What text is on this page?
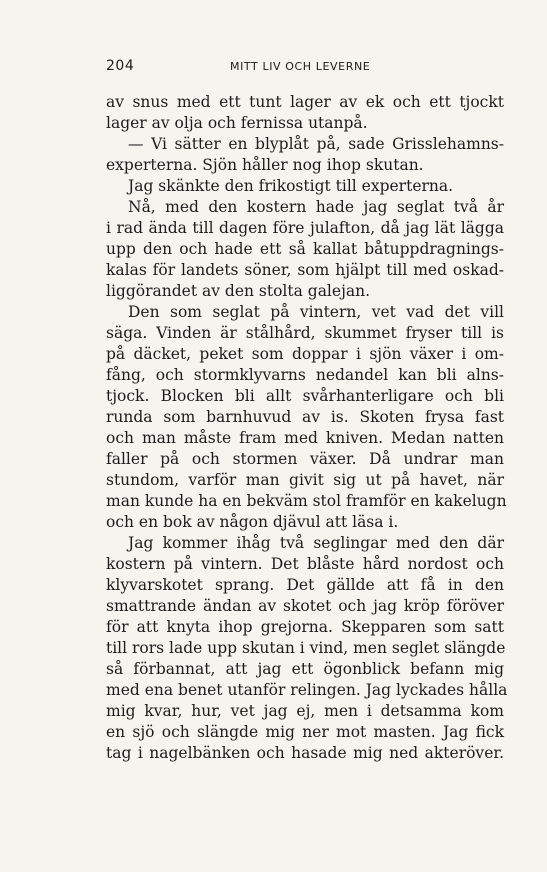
204	MITT LIV OCH LEVERNE
av snus med ett tunt lager av ek och ett tjockt
lager av olja och fernissa utanpå.
— Vi sätter en blyplåt på, sade Grisslehamns-
experterna. Sjön håller nog ihop skutan.
Jag skänkte den frikostigt till experterna.
Nå, med den kostern hade jag seglat två år
i rad ända till dagen före julafton, då jag lät lägga
upp den och hade ett så kallat båtuppdragnings-
kalas för landets söner, som hjälpt till med oskad-
liggörandet av den stolta galejan.
Den som seglat på vintern, vet vad det vill
säga. Vinden är stålhård, skummet fryser till is
på däcket, peket som doppar i sjön växer i om-
fång, och stormklyvarns nedandel kan bli alns-
tjock. Blocken bli allt svårhanterligare och bli
runda som barnhuvud av is. Skoten frysa fast
och man måste fram med kniven. Medan natten
faller på och stormen växer. Då undrar man
stundom, varför man givit sig ut på havet, när
man kunde ha en bekväm stol framför en kakelugn
och en bok av någon djävul att läsa i.
Jag kommer ihåg två seglingar med den där
kostern på vintern. Det blåste hård nordost och
klyvarskotet sprang. Det gällde att få in den
smattrande ändan av skotet och jag kröp föröver
för att knyta ihop grejorna. Skepparen som satt
till rors lade upp skutan i vind, men seglet slängde
så förbannat, att jag ett ögonblick befann mig
med ena benet utanför relingen. Jag lyckades hålla
mig kvar, hur, vet jag ej, men i detsamma kom
en sjö och slängde mig ner mot masten. Jag fick
tag i nagelbänken och hasade mig ned akteröver.
